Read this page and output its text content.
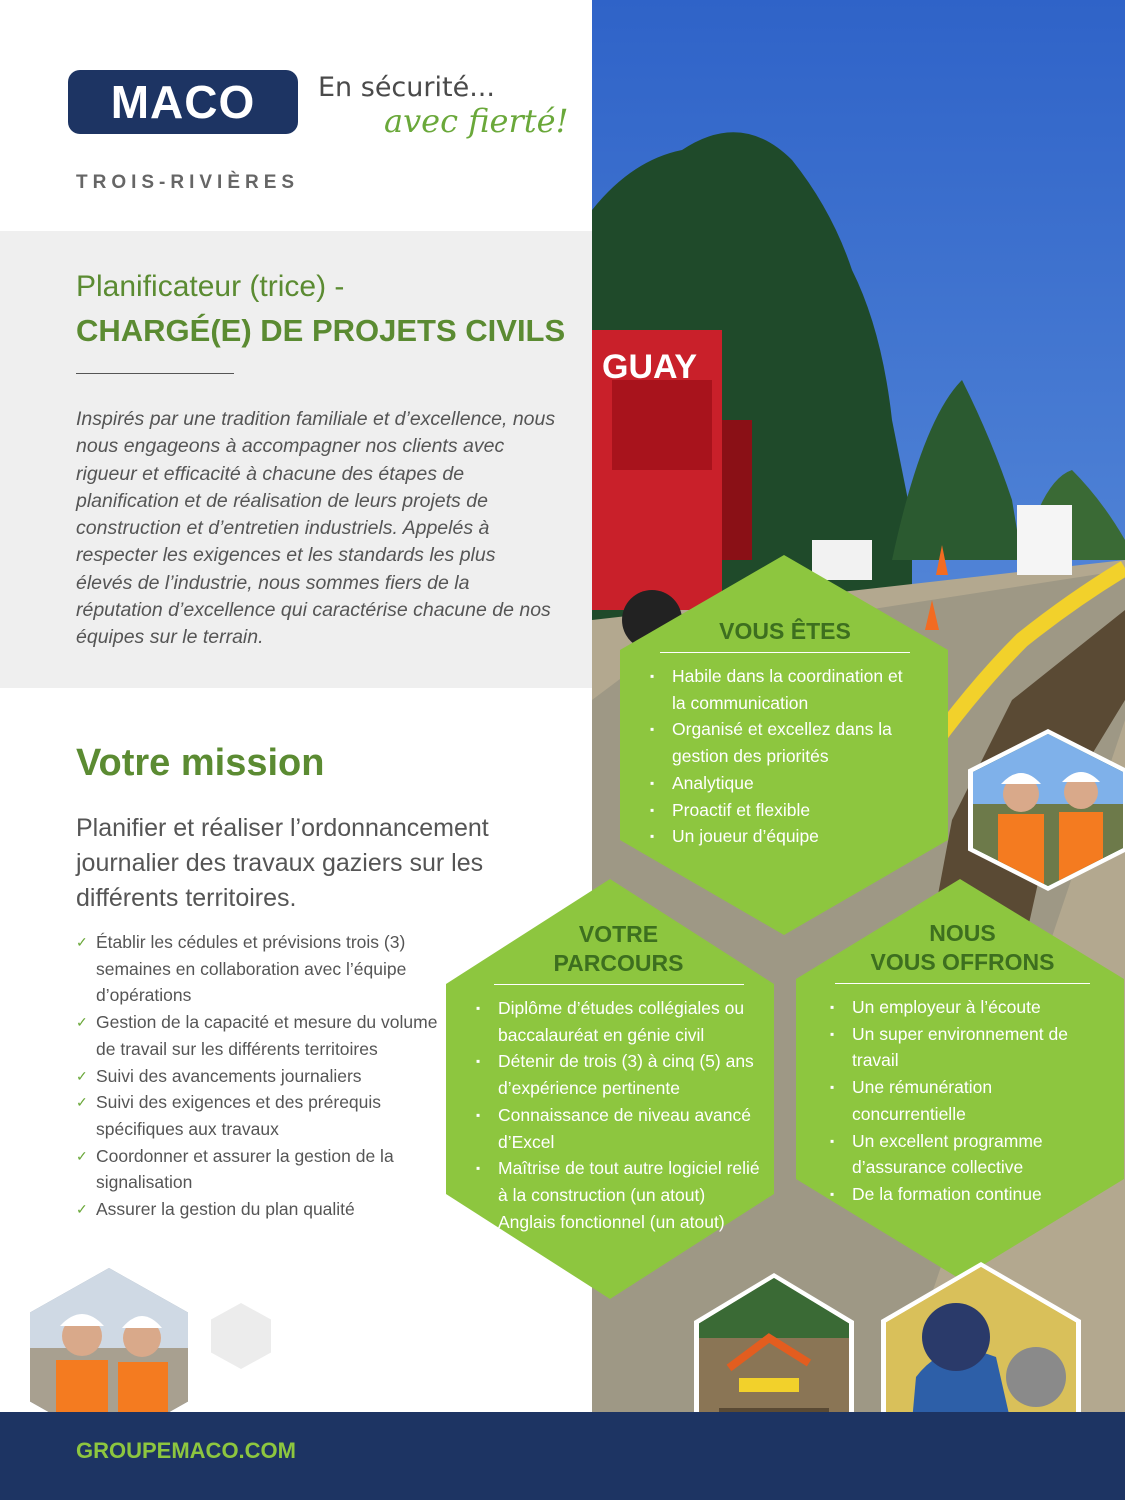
MACO En sécurité...
avec fierté!
TROIS-RIVIÈRES
Planificateur (trice) -
CHARGÉ(E) DE PROJETS CIVILS
Inspirés par une tradition familiale et d’excellence, nous nous engageons à accompagner nos clients avec rigueur et efficacité à chacune des étapes de planification et de réalisation de leurs projets de construction et d’entretien industriels. Appelés à respecter les exigences et les standards les plus élevés de l’industrie, nous sommes fiers de la réputation d’excellence qui caractérise chacune de nos équipes sur le terrain.
Votre mission
Planifier et réaliser l’ordonnancement journalier des travaux gaziers sur les différents territoires.
✓ Établir les cédules et prévisions trois (3) semaines en collaboration avec l’équipe d’opérations
✓ Gestion de la capacité et mesure du volume de travail sur les différents territoires
✓ Suivi des avancements journaliers
✓ Suivi des exigences et des prérequis spécifiques aux travaux
✓ Coordonner et assurer la gestion de la signalisation
✓ Assurer la gestion du plan qualité
GUAY
VOUS ÊTES
▪ Habile dans la coordination et la communication
▪ Organisé et excellez dans la gestion des priorités
▪ Analytique
▪ Proactif et flexible
▪ Un joueur d’équipe
VOTRE
PARCOURS
▪ Diplôme d’études collégiales ou baccalauréat en génie civil
▪ Détenir de trois (3) à cinq (5) ans d’expérience pertinente
▪ Connaissance de niveau avancé d’Excel
▪ Maîtrise de tout autre logiciel relié à la construction (un atout)
▪ Anglais fonctionnel (un atout)
NOUS
VOUS OFFRONS
▪ Un employeur à l’écoute
▪ Un super environnement de travail
▪ Une rémunération concurrentielle
▪ Un excellent programme d’assurance collective
▪ De la formation continue
GROUPEMACO.COM
